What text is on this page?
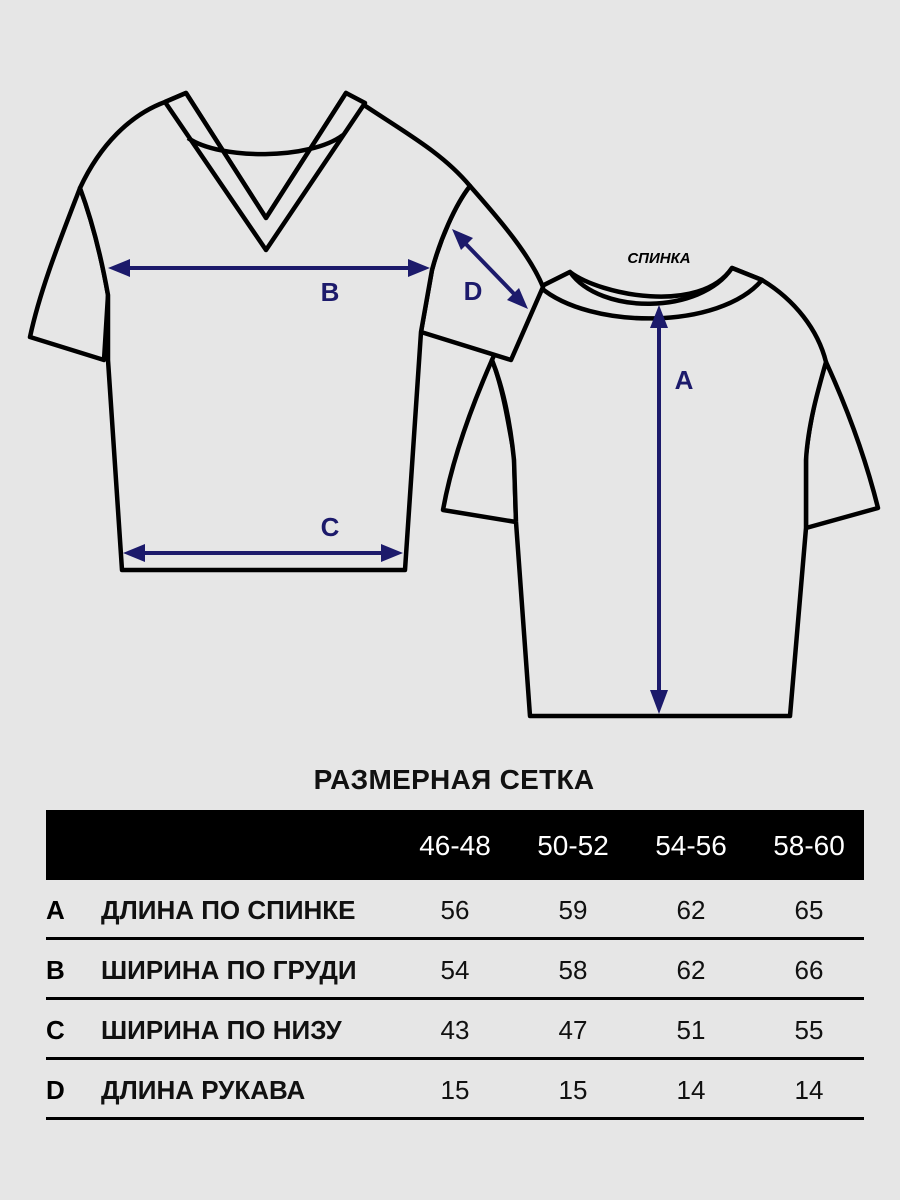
СПИНКА
B
C
D
A
РАЗМЕРНАЯ СЕТКА
46-48	50-52	54-56	58-60
A ДЛИНА ПО СПИНКЕ	56	59	62	65
B ШИРИНА ПО ГРУДИ	54	58	62	66
C ШИРИНА ПО НИЗУ	43	47	51	55
D ДЛИНА РУКАВА	15	15	14	14
